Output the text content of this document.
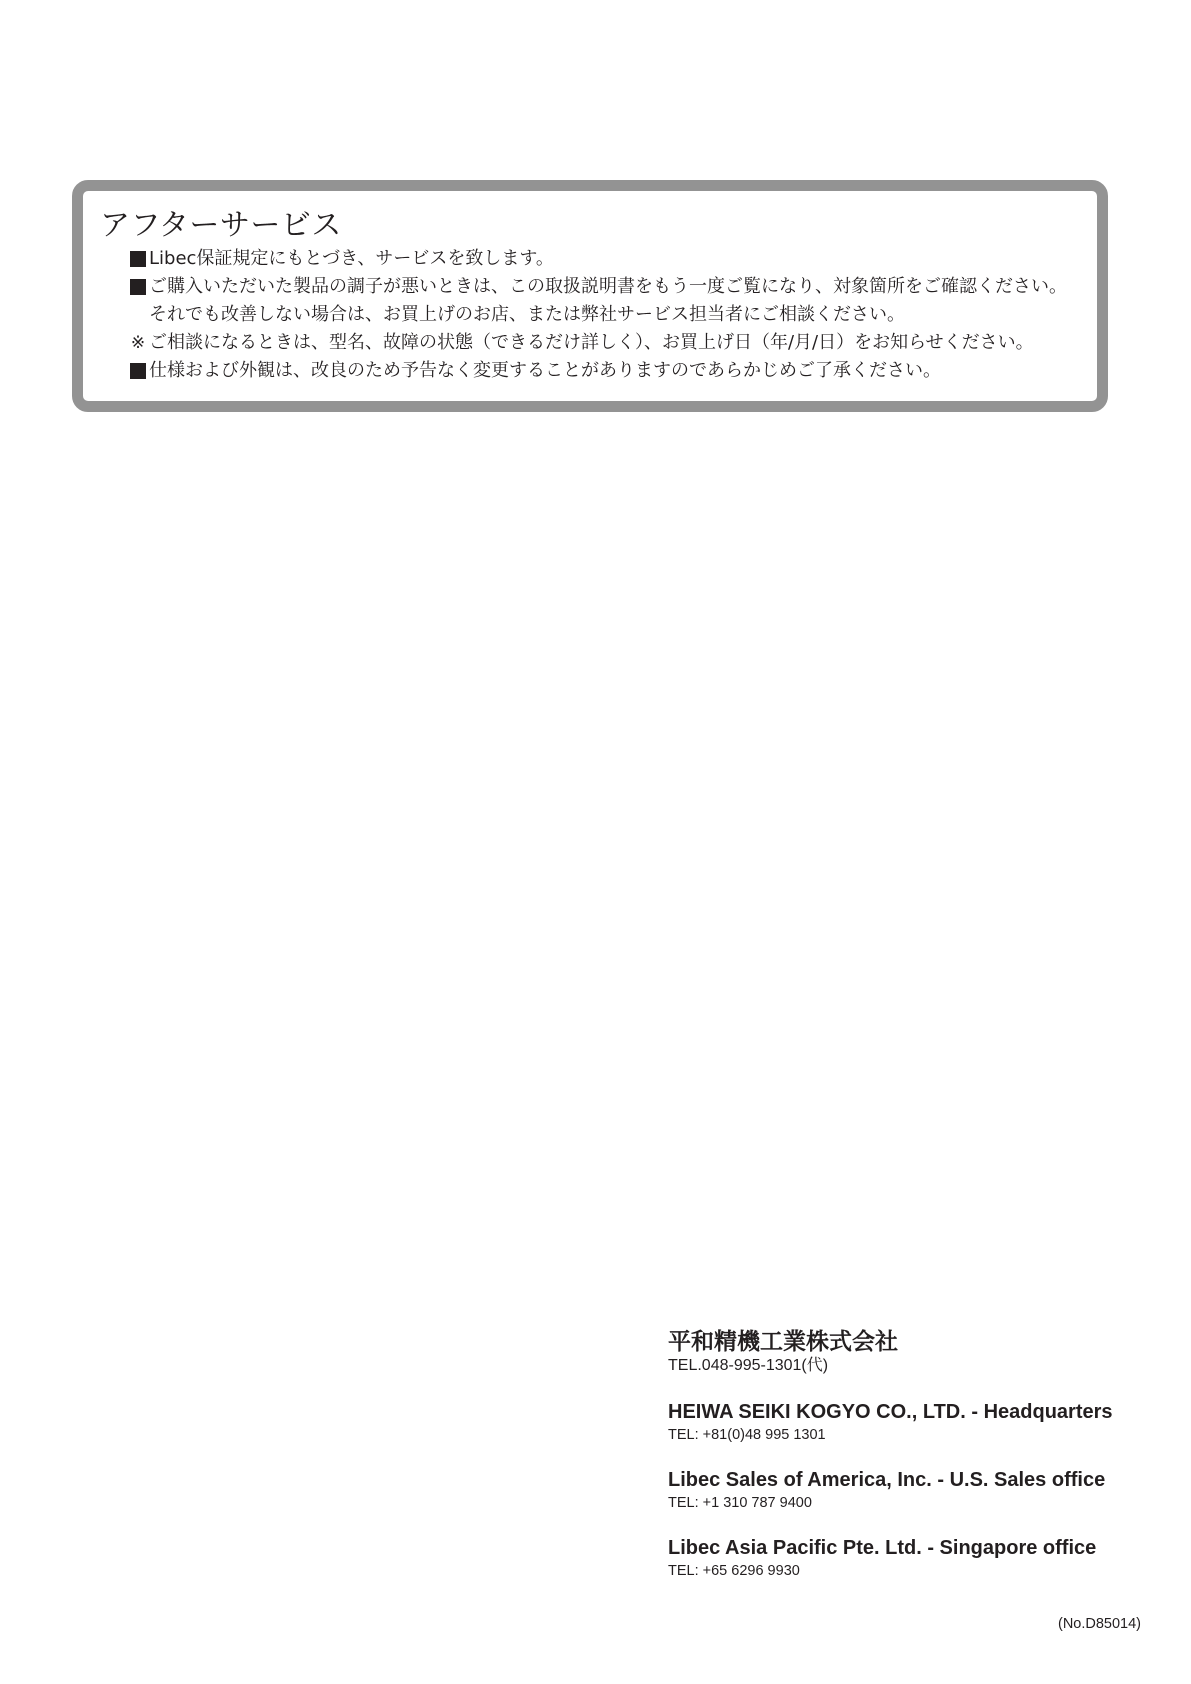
アフターサービス
Libec保証規定にもとづき、サービスを致します。
ご購入いただいた製品の調子が悪いときは、この取扱説明書をもう一度ご覧になり、対象箇所をご確認ください。
それでも改善しない場合は、お買上げのお店、または弊社サービス担当者にご相談ください。
※
ご相談になるときは、型名、故障の状態（できるだけ詳しく）、お買上げ日（年/月/日）をお知らせください。
仕様および外観は、改良のため予告なく変更することがありますのであらかじめご了承ください。
平和精機工業株式会社
TEL.048-995-1301(代)
HEIWA SEIKI KOGYO CO., LTD. - Headquarters
TEL: +81(0)48 995 1301
Libec Sales of America, Inc. - U.S. Sales office
TEL: +1 310 787 9400
Libec Asia Pacific Pte. Ltd. - Singapore office
TEL: +65 6296 9930
(No.D85014)
